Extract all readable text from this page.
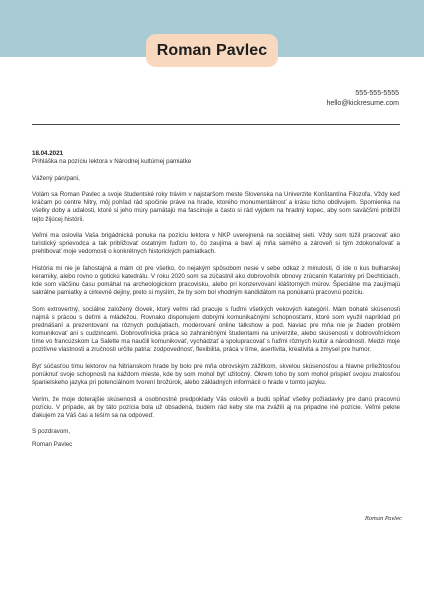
Roman Pavlec
555-555-5555
hello@kickresume.com

18.04.2021

Prihláška na pozíciu lektora v Národnej kultúrnej pamiatke

Vážený pán/pani,

Volám sa Roman Pavlec a svoje študentské roky trávim v najstaršom meste Slovenska na Univerzite Konštantína Filozofa. Vždy keď kráčam po centre Nitry, môj pohľad rád spočinie práve na hrade, ktorého monumentálnosť a krásu ticho obdivujem. Spomienka na všetky doby a udalosti, ktoré si jeho múry pamätajú ma fascinuje a často si rád vyjdem na hradný kopec, aby som saväčšmi priblížil tejto žijúcej histórii.

Veľmi ma oslovila Vaša brigádnická ponuka na pozíciu lektora v NKP uverejnená na sociálnej sieti. Vždy som túžil pracovať ako turistický sprievodca a tak približovať ostatným ľuďom to, čo zaujíma a baví aj mňa samého a zároveň si tým zdokonaľovať a prehlbovať moje vedomosti o konkrétnych historických pamiatkach.

História mi nie je ľahostajná a mám cit pre všetko, čo nejakým spôsobom nesie v sebe odkaz z minulosti, či ide o kus bulharskej keramiky, alebo rovno o gotickú katedrálu. V roku 2020 som sa zúčastnil ako dobrovoľník obnovy zrúcanín Katarínky pri Dechticiach, kde som väčšinu času pomáhal na archeologickom pracovisku, alebo pri konzervovaní kláštorných múrov. Špeciálne ma zaujímajú sakrálne pamiatky a cirkevné dejiny, preto si myslím, že by som bol vhodným kandidátom na ponúkanú pracovnú pozíciu.

Som extrovertný, sociálne založený človek, ktorý veľmi rád pracuje s ľuďmi všetkých vekových kategórií. Mám bohaté skúsenosti najmä s prácou s deťmi a mládežou. Rovnako disponujem dobrými komunikačnými schopnosťami, ktoré som využil napríklad pri prednášaní a prezentovaní na rôznych podujatiach, moderovaní online talkshow a pod. Naviac pre mňa nie je žiaden problém komunikovať ani s cudzincami. Dobrovoľnícka práca so zahraničnými študentami na univerzite, alebo skúsenosti v dobrovoľníckom tíme vo francúzskom La Salette ma naučili komunikovať, vychádzať a spolupracovať s ľuďmi rôznych kultúr a národností. Medzi moje pozitívne vlastnosti a zručnosti určite patria: zodpovednosť, flexibilita, práca v tíme, asertivita, kreativita a zmysel pre humor.

Byť súčasťou tímu lektorov na Nitrianskom hrade by bolo pre mňa obrovským zážitkom, skvelou skúsenosťou a hlavne príležitosťou ponúknuť svoje schopnosti na každom mieste, kde by som mohol byť užitočný. Okrem toho by som mohol prispieť svojou znalosťou španielskeho jazyka pri potenciálnom tvorení brožúrok, alebo základných informácií o hrade v tomto jazyku.

Verím, že moje doterajšie skúsenosti a osobnostné predpoklady Vás oslovili a budú spĺňať všetky požiadavky pre danú pracovnú pozíciu. V prípade, ak by táto pozícia bola už obsadená, budem rád keby ste ma zvážili aj na pripadne iné pozície. Veľmi pekne ďakujem za Váš čas a teším sa na odpoveď.

S pozdravom,

Roman Pavlec

Roman Pavlec
